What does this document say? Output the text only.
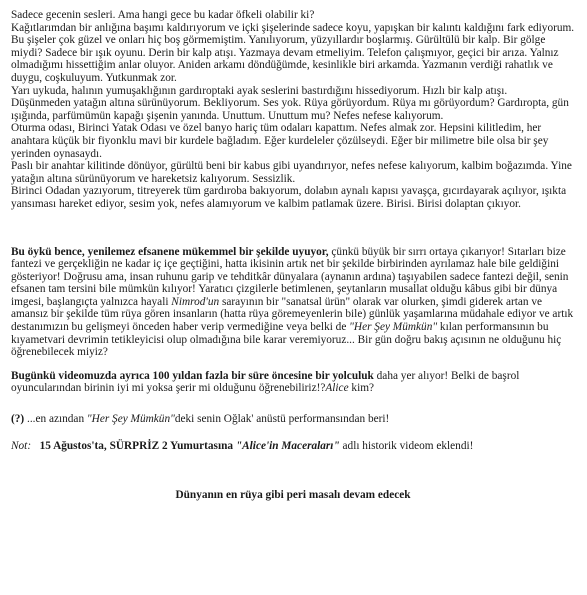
Sadece gecenin sesleri. Ama hangi gece bu kadar öfkeli olabilir ki?

Kağıtlarımdan bir anlığına başımı kaldırıyorum ve içki şişelerinde sadece koyu, yapışkan bir kalıntı kaldığını fark ediyorum. Bu şişeler çok güzel ve onları hiç boş görmemiştim. Yanılıyorum, yüzyıllardır boşlarmış. Gürültülü bir kalp. Bir gölge miydi? Sadece bir ışık oyunu. Derin bir kalp atışı. Yazmaya devam etmeliyim. Telefon çalışmıyor, geçici bir arıza. Yalnız olmadığımı hissettiğim anlar oluyor. Aniden arkamı döndüğümde, kesinlikle biri arkamda. Yazmanın verdiği rahatlık ve duygu, coşkuluyum. Yutkunmak zor.

Yarı uykuda, halının yumuşaklığının gardıroptaki ayak seslerini bastırdığını hissediyorum. Hızlı bir kalp atışı.

Düşünmeden yatağın altına sürünüyorum. Bekliyorum. Ses yok. Rüya görüyordum. Rüya mı görüyordum? Gardıropta, gün ışığında, parfümümün kapağı şişenin yanında. Unuttum. Unuttum mu? Nefes nefese kalıyorum.

Oturma odası, Birinci Yatak Odası ve özel banyo hariç tüm odaları kapattım. Nefes almak zor. Hepsini kilitledim, her anahtara küçük bir fiyonklu mavi bir kurdele bağladım. Eğer kurdeleler çözülseydi. Eğer bir milimetre bile olsa bir şey yerinden oynasaydı.

Paslı bir anahtar kilitinde dönüyor, gürültü beni bir kabus gibi uyandırıyor, nefes nefese kalıyorum, kalbim boğazımda. Yine yatağın altına sürünüyorum ve hareketsiz kalıyorum. Sessizlik.

Birinci Odadan yazıyorum, titreyerek tüm gardıroba bakıyorum, dolabın aynalı kapısı yavaşça, gıcırdayarak açılıyor, ışıkta yansıması hareket ediyor, sesim yok, nefes alamıyorum ve kalbim patlamak üzere. Birisi. Birisi dolaptan çıkıyor.

Bu öykü bence, yenilemez efsanene mükemmel bir şekilde uyuyor, çünkü büyük bir sırrı ortaya çıkarıyor! Sıtarları bize fantezi ve gerçekliğin ne kadar iç içe geçtiğini, hatta ikisinin artık net bir şekilde birbirinden ayrılamaz hale bile geldiğini gösteriyor! Doğrusu ama, insan ruhunu garip ve tehditkâr dünyalara (aynanın ardına) taşıyabilen sadece fantezi değil, senin efsanen tam tersini bile mümkün kılıyor! Yaratıcı çizgilerle betimlenen, şeytanların musallat olduğu kâbus gibi bir dünya imgesi, başlangıçta yalnızca hayali Nimrod'un sarayının bir "sanatsal ürün" olarak var olurken, şimdi giderek artan ve amansız bir şekilde tüm rüya gören insanların (hatta rüya göremeyenlerin bile) günlük yaşamlarına müdahale ediyor ve artık destanımızın bu gelişmeyi önceden haber verip vermediğine veya belki de "Her Şey Mümkün" kılan performansının bu kıyametvari devrimin tetikleyicisi olup olmadığına bile karar veremiyoruz... Bir gün doğru bakış açısının ne olduğunu hiç öğrenebilecek miyiz?

Bugünkü videomuzda ayrıca 100 yıldan fazla bir süre öncesine bir yolculuk daha yer alıyor! Belki de başrol oyuncularından birinin iyi mi yoksa şerir mi olduğunu öğrenebiliriz!?Alice kim?

(?) ...en azından "Her Şey Mümkün"deki senin Oğlak' anüstü performansından beri!

Not: 15 Ağustos'ta, SÜRPRİZ 2 Yumurtasına "Alice'in Maceraları" adlı historik videom eklendi!

Dünyanın en rüya gibi peri masalı devam edecek
